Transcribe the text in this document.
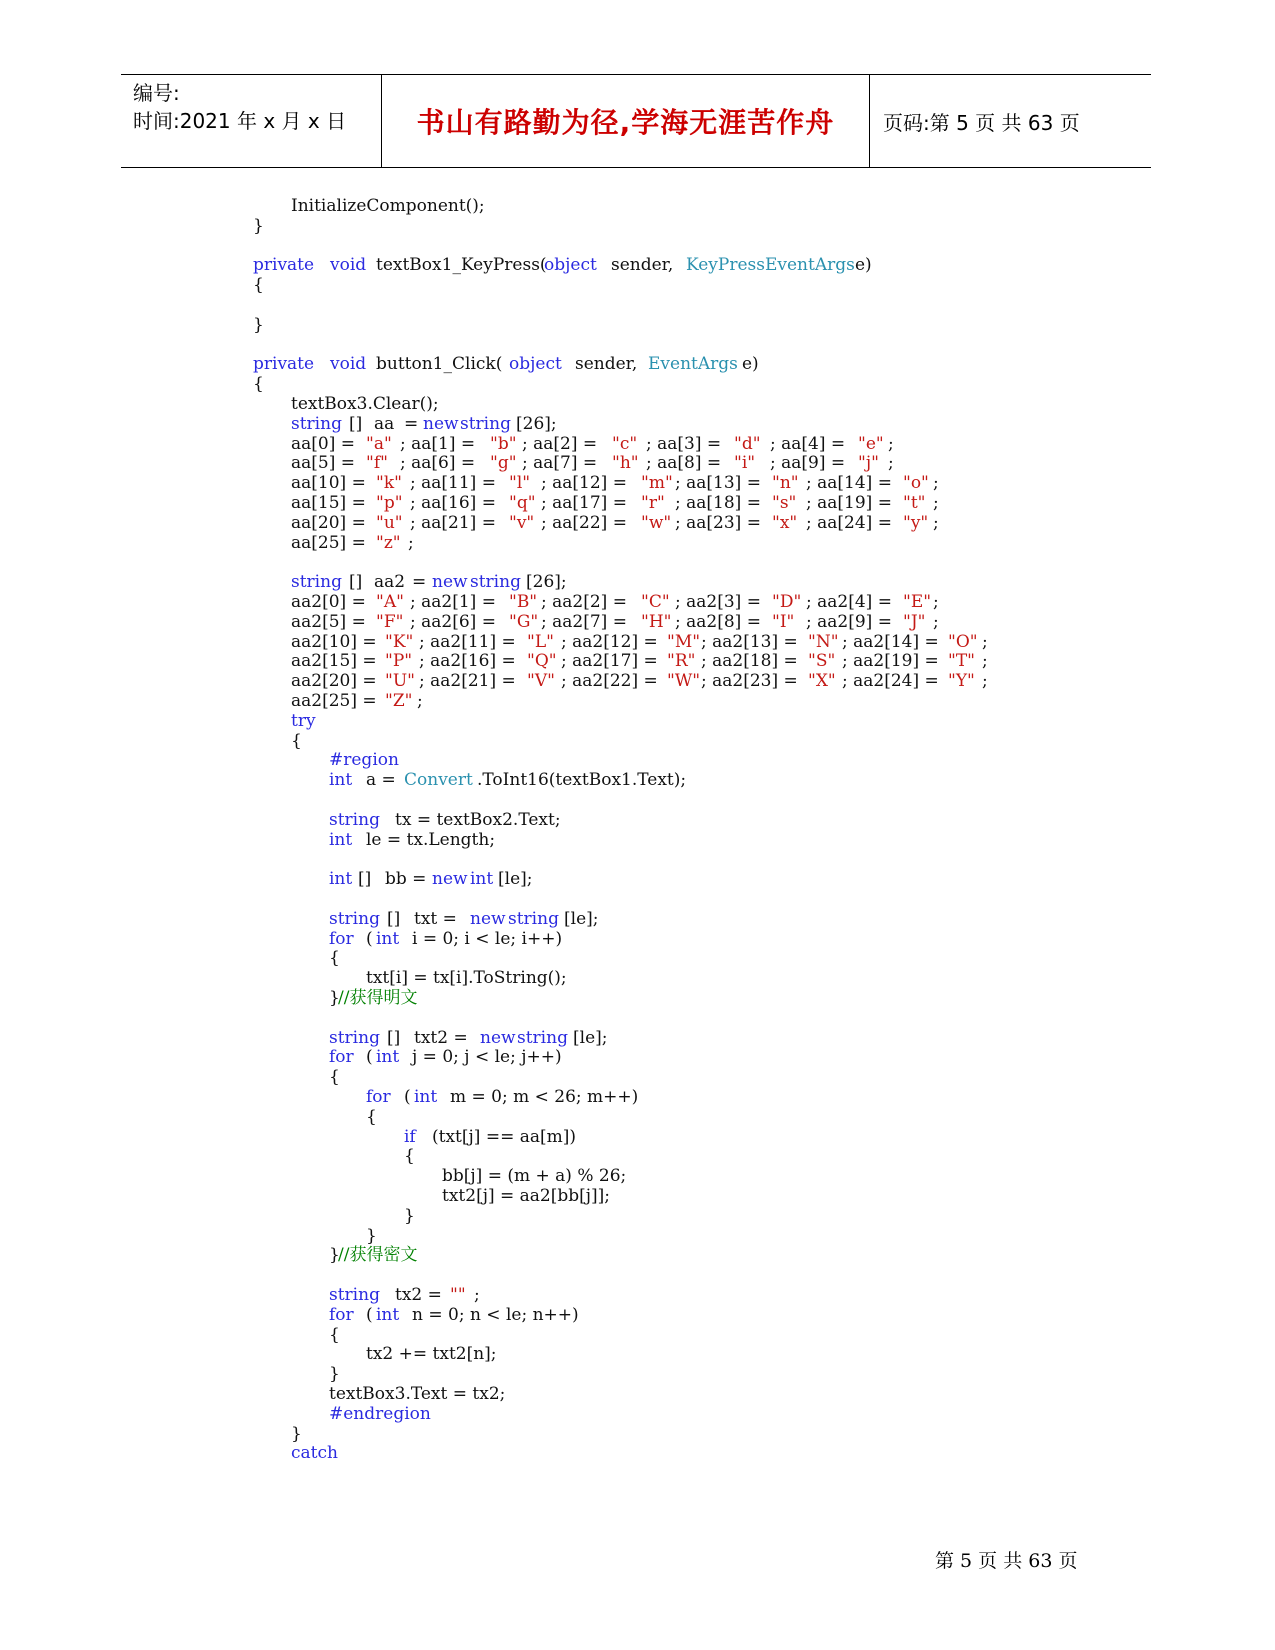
编号:
时间:2021 年 x 月 x 日	书山有路勤为径,学海无涯苦作舟 页码:第 5 页 共 63 页
InitializeComponent();
}
private void textBox1_KeyPress(
object sender, KeyPressEventArgs e)
{
}
private void button1_Click( object sender, EventArgs e)
{
textBox3.Clear();
string [] aa = new string [26];
aa[0] = "a" ; aa[1] = "b" ; aa[2] = "c" ; aa[3] = "d" ; aa[4] = "e" ;
aa[5] = "f" ; aa[6] = "g" ; aa[7] = "h" ; aa[8] = "i" ; aa[9] = "j" ;
aa[10] = "k" ; aa[11] = "l" ; aa[12] = "m" ; aa[13] = "n" ; aa[14] = "o" ;
aa[15] = "p" ; aa[16] = "q" ; aa[17] = "r" ; aa[18] = "s" ; aa[19] = "t" ;
aa[20] = "u" ; aa[21] = "v" ; aa[22] = "w" ; aa[23] = "x" ; aa[24] = "y" ;
aa[25] = "z" ;
string [] aa2 = new string [26];
aa2[0] = "A" ; aa2[1] = "B" ; aa2[2] = "C" ; aa2[3] = "D" ; aa2[4] = "E" ;
aa2[5] = "F" ; aa2[6] = "G" ; aa2[7] = "H" ; aa2[8] = "I" ; aa2[9] = "J" ;
aa2[10] = "K" ; aa2[11] = "L" ; aa2[12] = "M" ; aa2[13] = "N" ; aa2[14] = "O" ;
aa2[15] = "P" ; aa2[16] = "Q" ; aa2[17] = "R" ; aa2[18] = "S" ; aa2[19] = "T" ;
aa2[20] = "U" ; aa2[21] = "V" ; aa2[22] = "W" ; aa2[23] = "X" ; aa2[24] = "Y" ;
aa2[25] = "Z" ;
try
{
#region
int a = Convert .ToInt16(textBox1.Text);
string tx = textBox2.Text;
int le = tx.Length;
int [] bb = new int [le];
string [] txt = new string [le];
for ( int i = 0; i < le; i++)
{
txt[i] = tx[i].ToString();
}
//获得明文
string [] txt2 = new string [le];
for ( int j = 0; j < le; j++)
{
for ( int m = 0; m < 26; m++)
{
if (txt[j] == aa[m])
{
bb[j] = (m + a) % 26;
txt2[j] = aa2[bb[j]];
}
}
}
//获得密文
string tx2 = "" ;
for ( int n = 0; n < le; n++)
{
tx2 += txt2[n];
}
textBox3.Text = tx2;
#endregion
}
catch
第 5 页 共 63 页
